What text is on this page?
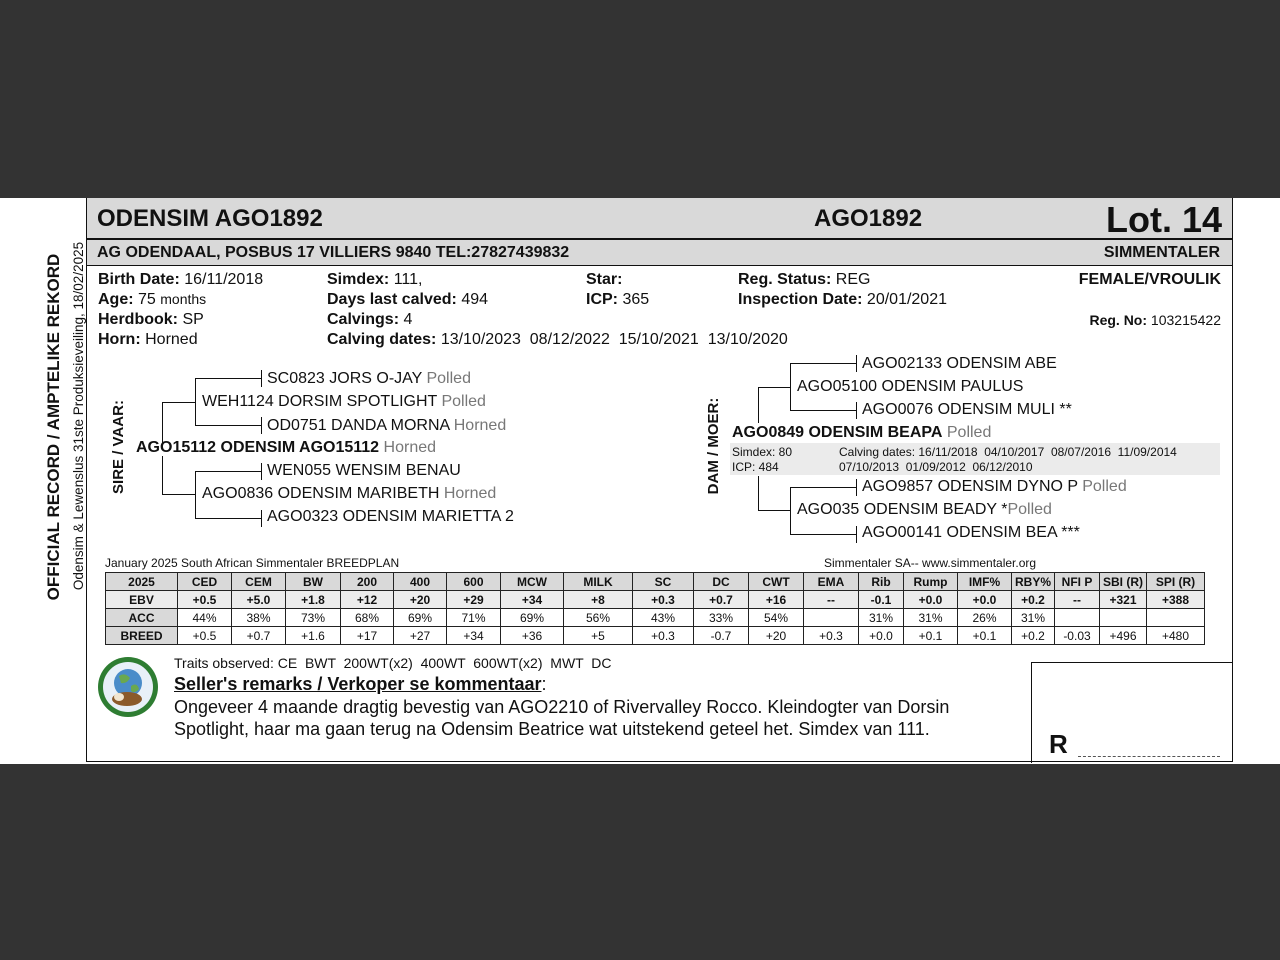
OFFICIAL RECORD / AMPTELIKE REKORD Odensim & Lewenslus 31ste Produksieveiling, 18/02/2025
ODENSIM AGO1892	AGO1892	Lot. 14
AG ODENDAAL, POSBUS 17 VILLIERS 9840 TEL:27827439832	SIMMENTALER
Birth Date: 16/11/2018
Age: 75 months
Herdbook: SP
Horn: Horned
Simdex: 111,
Days last calved: 494
Calvings: 4
Calving dates: 13/10/2023  08/12/2022  15/10/2021  13/10/2020
Star:
ICP: 365
Reg. Status: REG
Inspection Date: 20/01/2021
FEMALE/VROULIK
Reg. No: 103215422
SIRE / VAAR:
SC0823 JORS O-JAY Polled
WEH1124 DORSIM SPOTLIGHT Polled
OD0751 DANDA MORNA Horned
AGO15112 ODENSIM AGO15112 Horned
WEN055 WENSIM BENAU
AGO0836 ODENSIM MARIBETH Horned
AGO0323 ODENSIM MARIETTA 2
DAM / MOER:
AGO02133 ODENSIM ABE
AGO05100 ODENSIM PAULUS
AGO0076 ODENSIM MULI **
AGO0849 ODENSIM BEAPA Polled
Simdex: 80
ICP: 484
Calving dates: 16/11/2018  04/10/2017  08/07/2016  11/09/2014
07/10/2013  01/09/2012  06/12/2010
AGO9857 ODENSIM DYNO P Polled
AGO035 ODENSIM BEADY *Polled
AGO00141 ODENSIM BEA ***
January 2025 South African Simmentaler BREEDPLAN	Simmentaler SA-- www.simmentaler.org
2025	CED	CEM	BW	200	400	600	MCW	MILK	SC	DC	CWT	EMA	Rib	Rump	IMF%	RBY%	NFI P	SBI (R)	SPI (R)
EBV	+0.5	+5.0	+1.8	+12	+20	+29	+34	+8	+0.3	+0.7	+16	--	-0.1	+0.0	+0.0	+0.2	--	+321	+388
ACC	44%	38%	73%	68%	69%	71%	69%	56%	43%	33%	54%		31%	31%	26%	31%			
BREED	+0.5	+0.7	+1.6	+17	+27	+34	+36	+5	+0.3	-0.7	+20	+0.3	+0.0	+0.1	+0.1	+0.2	-0.03	+496	+480
Traits observed: CE  BWT  200WT(x2)  400WT  600WT(x2)  MWT  DC
Seller's remarks / Verkoper se kommentaar:
Ongeveer 4 maande dragtig bevestig van AGO2210 of Rivervalley Rocco. Kleindogter van Dorsin
Spotlight, haar ma gaan terug na Odensim Beatrice wat uitstekend geteel het. Simdex van 111.	R
